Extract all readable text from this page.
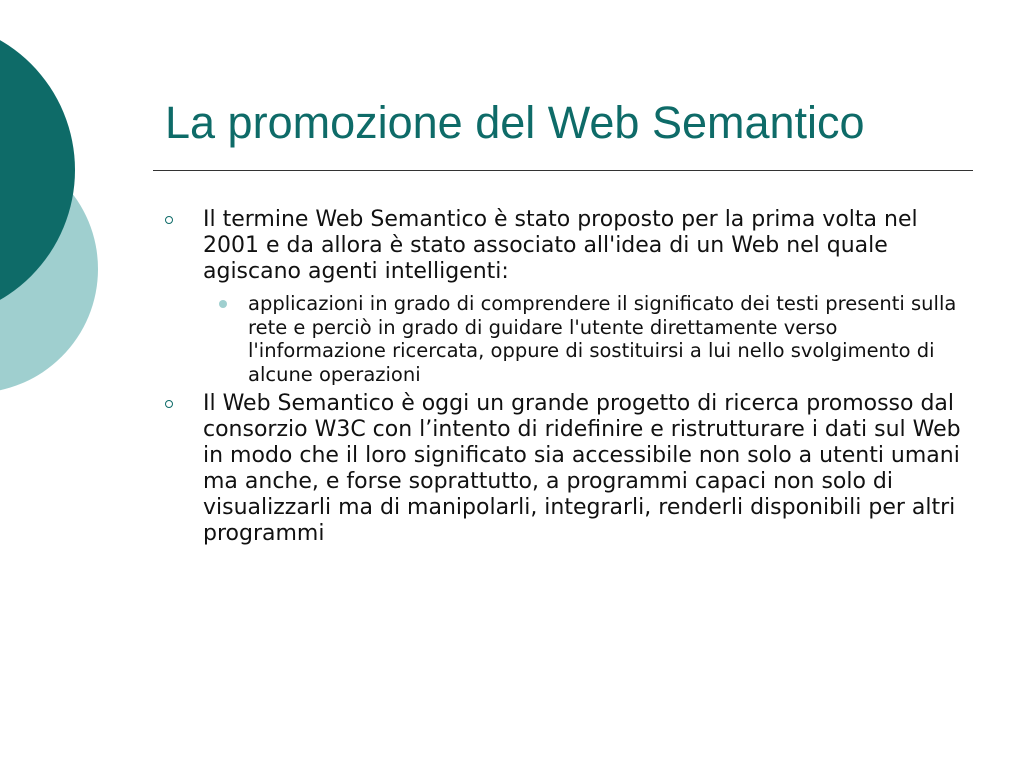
La promozione del Web Semantico
Il termine Web Semantico è stato proposto per la prima volta nel 2001 e da allora è stato associato all'idea di un Web nel quale agiscano agenti intelligenti:
applicazioni in grado di comprendere il significato dei testi presenti sulla rete e perciò in grado di guidare l'utente direttamente verso l'informazione ricercata, oppure di sostituirsi a lui nello svolgimento di alcune operazioni
Il Web Semantico è oggi un grande progetto di ricerca promosso dal consorzio W3C con l’intento di ridefinire e ristrutturare i dati sul Web in modo che il loro significato sia accessibile non solo a utenti umani ma anche, e forse soprattutto, a programmi capaci non solo di visualizzarli ma di manipolarli, integrarli, renderli disponibili per altri programmi
